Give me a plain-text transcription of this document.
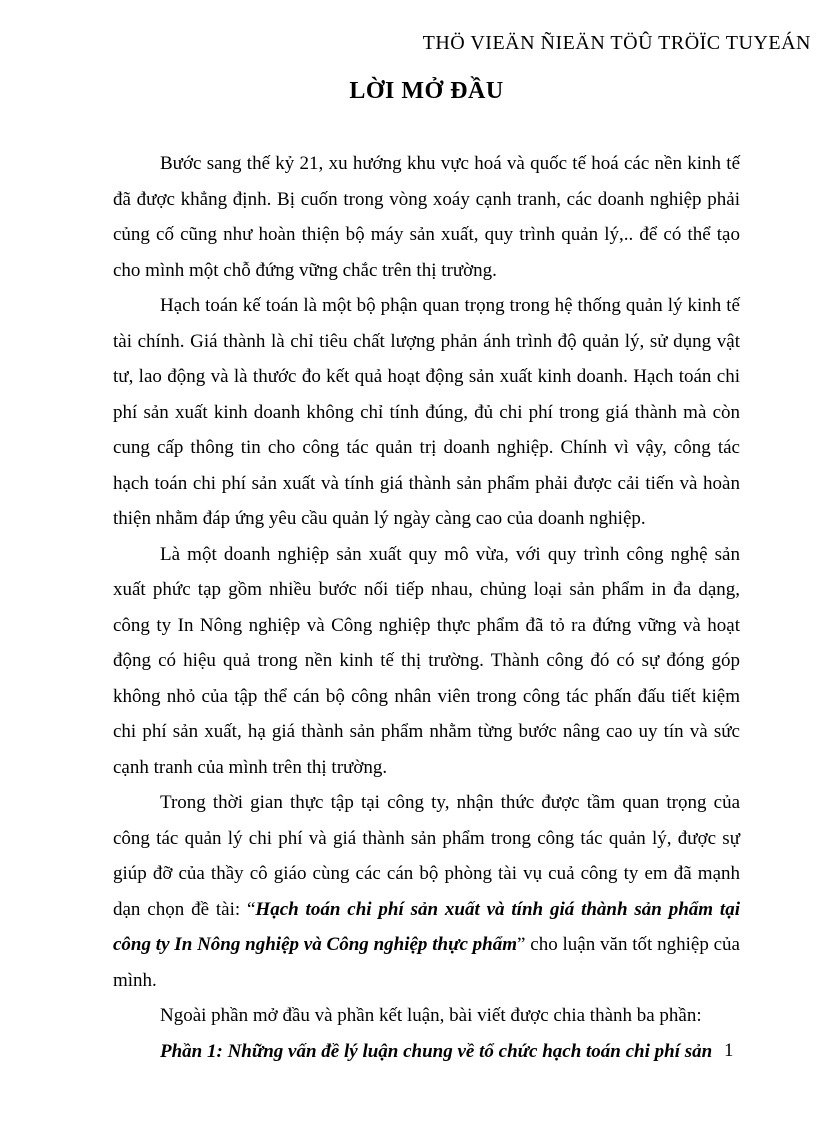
THÖ VIEÄN ÑIEÄN TÖÛ TRÖÏC TUYEÁN
LỜI MỞ ĐẦU

Bước sang thế kỷ 21, xu hướng khu vực hoá và quốc tế hoá các nền kinh tế đã được khẳng định. Bị cuốn trong vòng xoáy cạnh tranh, các doanh nghiệp phải củng cố cũng như hoàn thiện bộ máy sản xuất, quy trình quản lý,.. để có thể tạo cho mình một chỗ đứng vững chắc trên thị trường.

Hạch toán kế toán là một bộ phận quan trọng trong hệ thống quản lý kinh tế tài chính. Giá thành là chỉ tiêu chất lượng phản ánh trình độ quản lý, sử dụng vật tư, lao động và là thước đo kết quả hoạt động sản xuất kinh doanh. Hạch toán chi phí sản xuất kinh doanh không chỉ tính đúng, đủ chi phí trong giá thành mà còn cung cấp thông tin cho công tác quản trị doanh nghiệp. Chính vì vậy, công tác hạch toán chi phí sản xuất và tính giá thành sản phẩm phải được cải tiến và hoàn thiện nhằm đáp ứng yêu cầu quản lý ngày càng cao của doanh nghiệp.

Là một doanh nghiệp sản xuất quy mô vừa, với quy trình công nghệ sản xuất phức tạp gồm nhiều bước nối tiếp nhau, chủng loại sản phẩm in đa dạng, công ty In Nông nghiệp và Công nghiệp thực phẩm đã tỏ ra đứng vững và hoạt động có hiệu quả trong nền kinh tế thị trường. Thành công đó có sự đóng góp không nhỏ của tập thể cán bộ công nhân viên trong công tác phấn đấu tiết kiệm chi phí sản xuất, hạ giá thành sản phẩm nhằm từng bước nâng cao uy tín và sức cạnh tranh của mình trên thị trường.

Trong thời gian thực tập tại công ty, nhận thức được tầm quan trọng của công tác quản lý chi phí và giá thành sản phẩm trong công tác quản lý, được sự giúp đỡ của thầy cô giáo cùng các cán bộ phòng tài vụ cuả công ty em đã mạnh dạn chọn đề tài: “Hạch toán chi phí sản xuất và tính giá thành sản phẩm tại công ty In Nông nghiệp và Công nghiệp thực phẩm” cho luận văn tốt nghiệp của mình.

Ngoài phần mở đầu và phần kết luận, bài viết được chia thành ba phần:

Phần 1: Những vấn đề lý luận chung về tổ chức hạch toán chi phí sản 1
